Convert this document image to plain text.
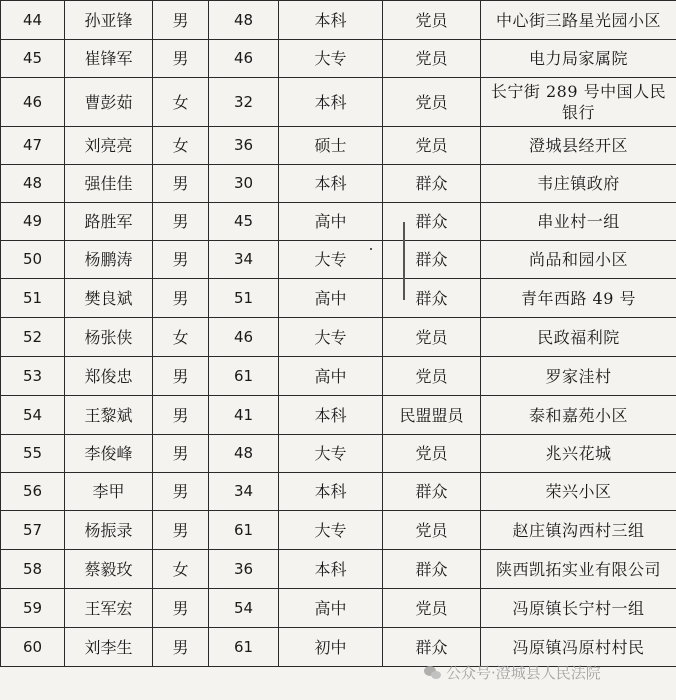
44	孙亚锋	男	48	本科	党员	中心街三路星光园小区
45	崔锋军	男	46	大专	党员	电力局家属院
46	曹彭茹	女	32	本科	党员	长宁街 289 号中国人民银行
47	刘亮亮	女	36	硕士	党员	澄城县经开区
48	强佳佳	男	30	本科	群众	韦庄镇政府
49	路胜军	男	45	高中	群众	串业村一组
50	杨鹏涛	男	34	大专	群众	尚品和园小区
51	樊良斌	男	51	高中	群众	青年西路 49 号
52	杨张侠	女	46	大专	党员	民政福利院
53	郑俊忠	男	61	高中	党员	罗家洼村
54	王黎斌	男	41	本科	民盟盟员	泰和嘉苑小区
55	李俊峰	男	48	大专	党员	兆兴花城
56	李甲	男	34	本科	群众	荣兴小区
57	杨振录	男	61	大专	党员	赵庄镇沟西村三组
58	蔡毅玫	女	36	本科	群众	陕西凯拓实业有限公司
59	王军宏	男	54	高中	党员	冯原镇长宁村一组
60	刘李生	男	61	初中	群众	冯原镇冯原村村民
公众号·澄城县人民法院
